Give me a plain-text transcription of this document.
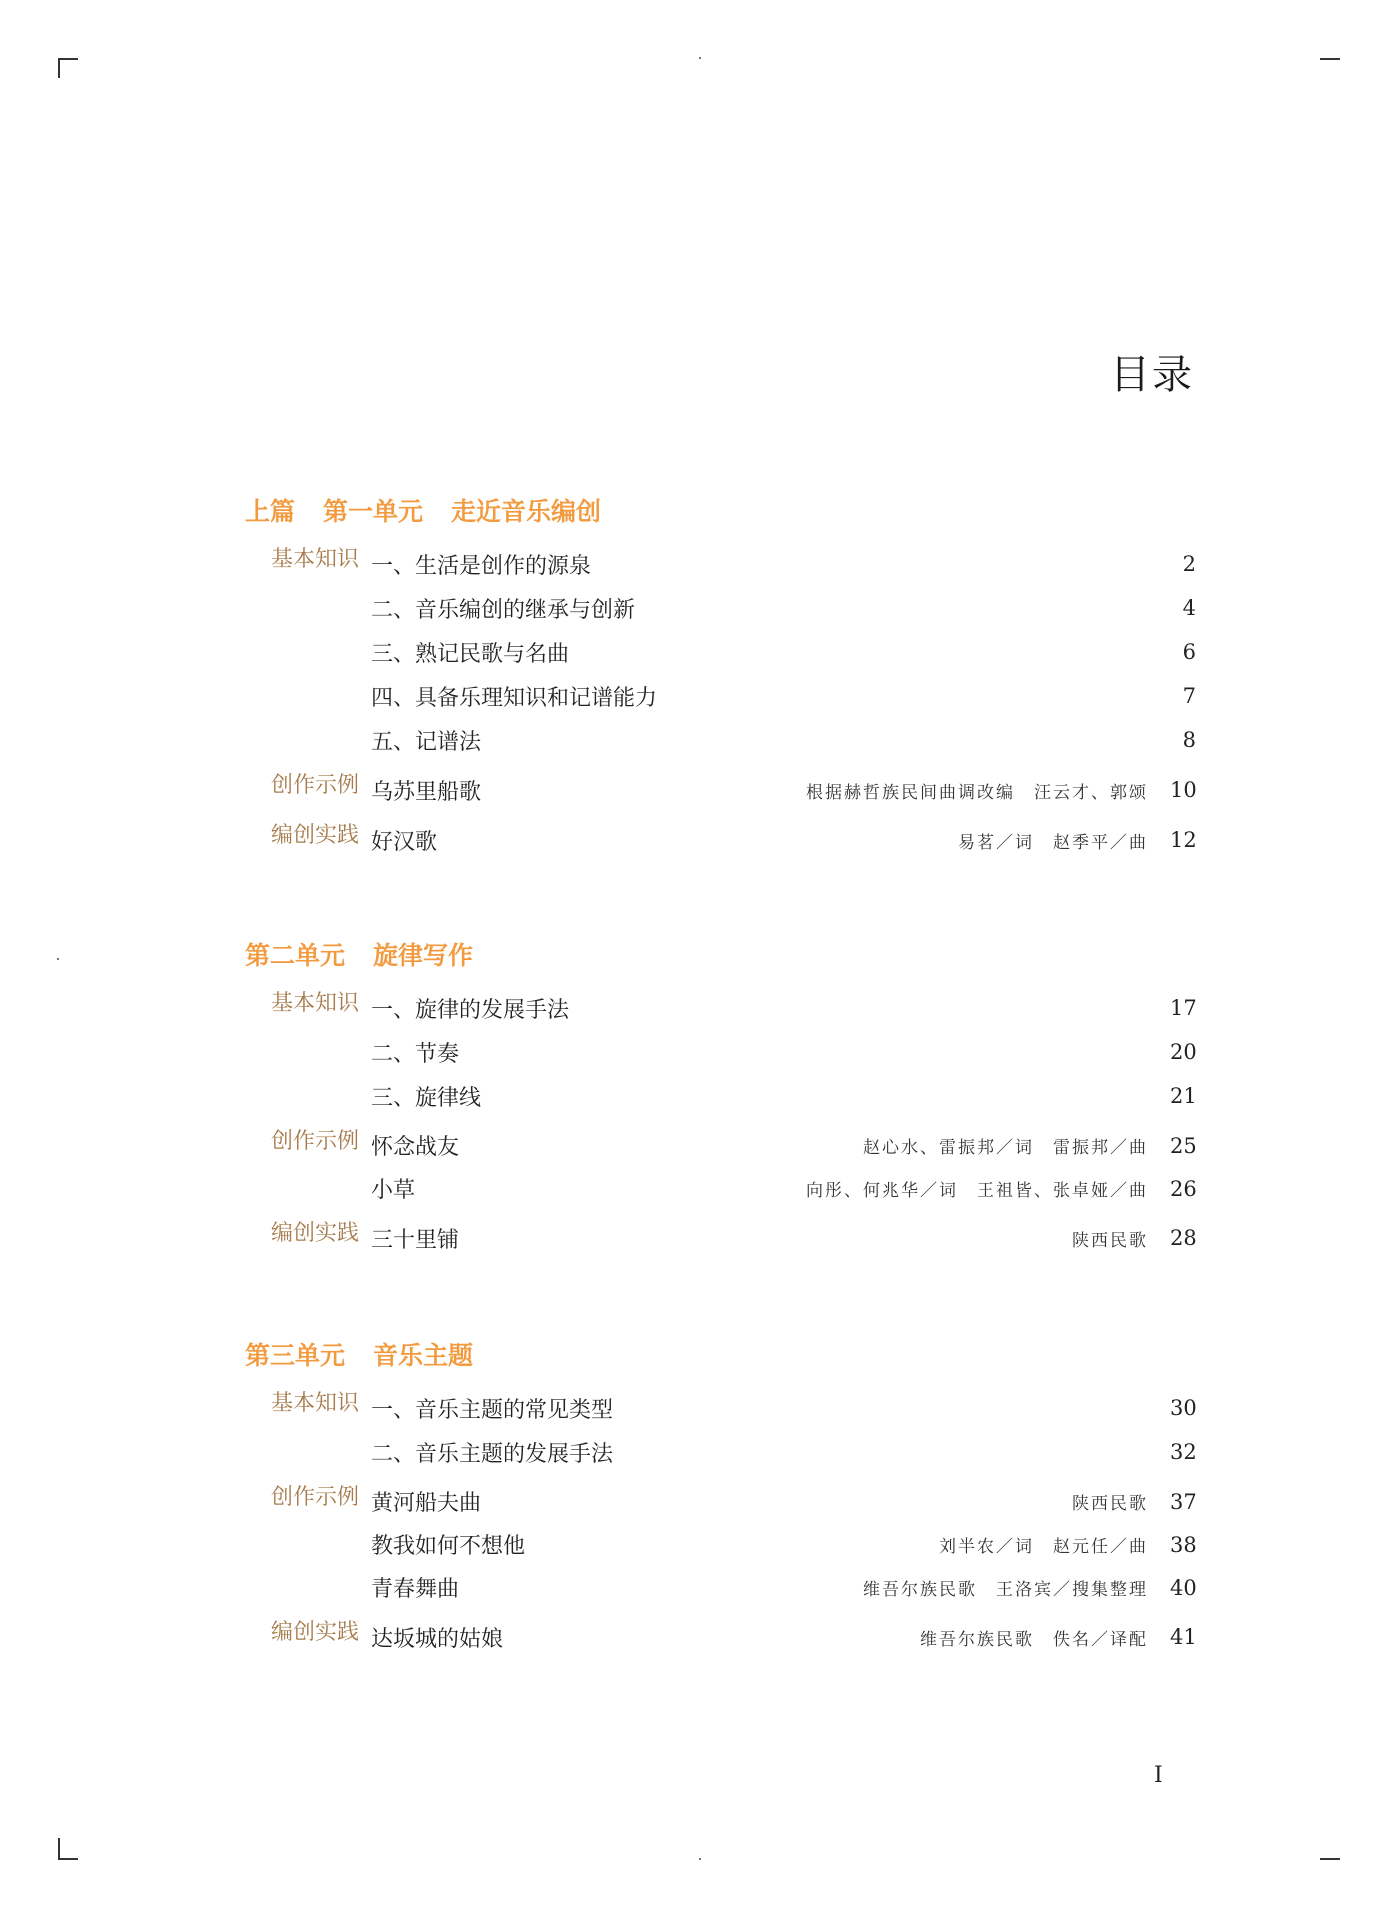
目录
上篇 第一单元 走近音乐编创
基本知识 一、生活是创作的源泉	2
二、音乐编创的继承与创新	4
三、熟记民歌与名曲	6
四、具备乐理知识和记谱能力	7
五、记谱法	8
创作示例 乌苏里船歌	根据赫哲族民间曲调改编　汪云才、郭颂	10
编创实践 好汉歌	易茗／词　赵季平／曲	12
第二单元 旋律写作
基本知识 一、旋律的发展手法	17
二、节奏	20
三、旋律线	21
创作示例 怀念战友	赵心水、雷振邦／词　雷振邦／曲	25
小草	向彤、何兆华／词　王祖皆、张卓娅／曲	26
编创实践 三十里铺	陕西民歌	28
第三单元 音乐主题
基本知识 一、音乐主题的常见类型	30
二、音乐主题的发展手法	32
创作示例 黄河船夫曲	陕西民歌	37
教我如何不想他	刘半农／词　赵元任／曲	38
青春舞曲	维吾尔族民歌　王洛宾／搜集整理	40
编创实践 达坂城的姑娘	维吾尔族民歌　佚名／译配	41
I
